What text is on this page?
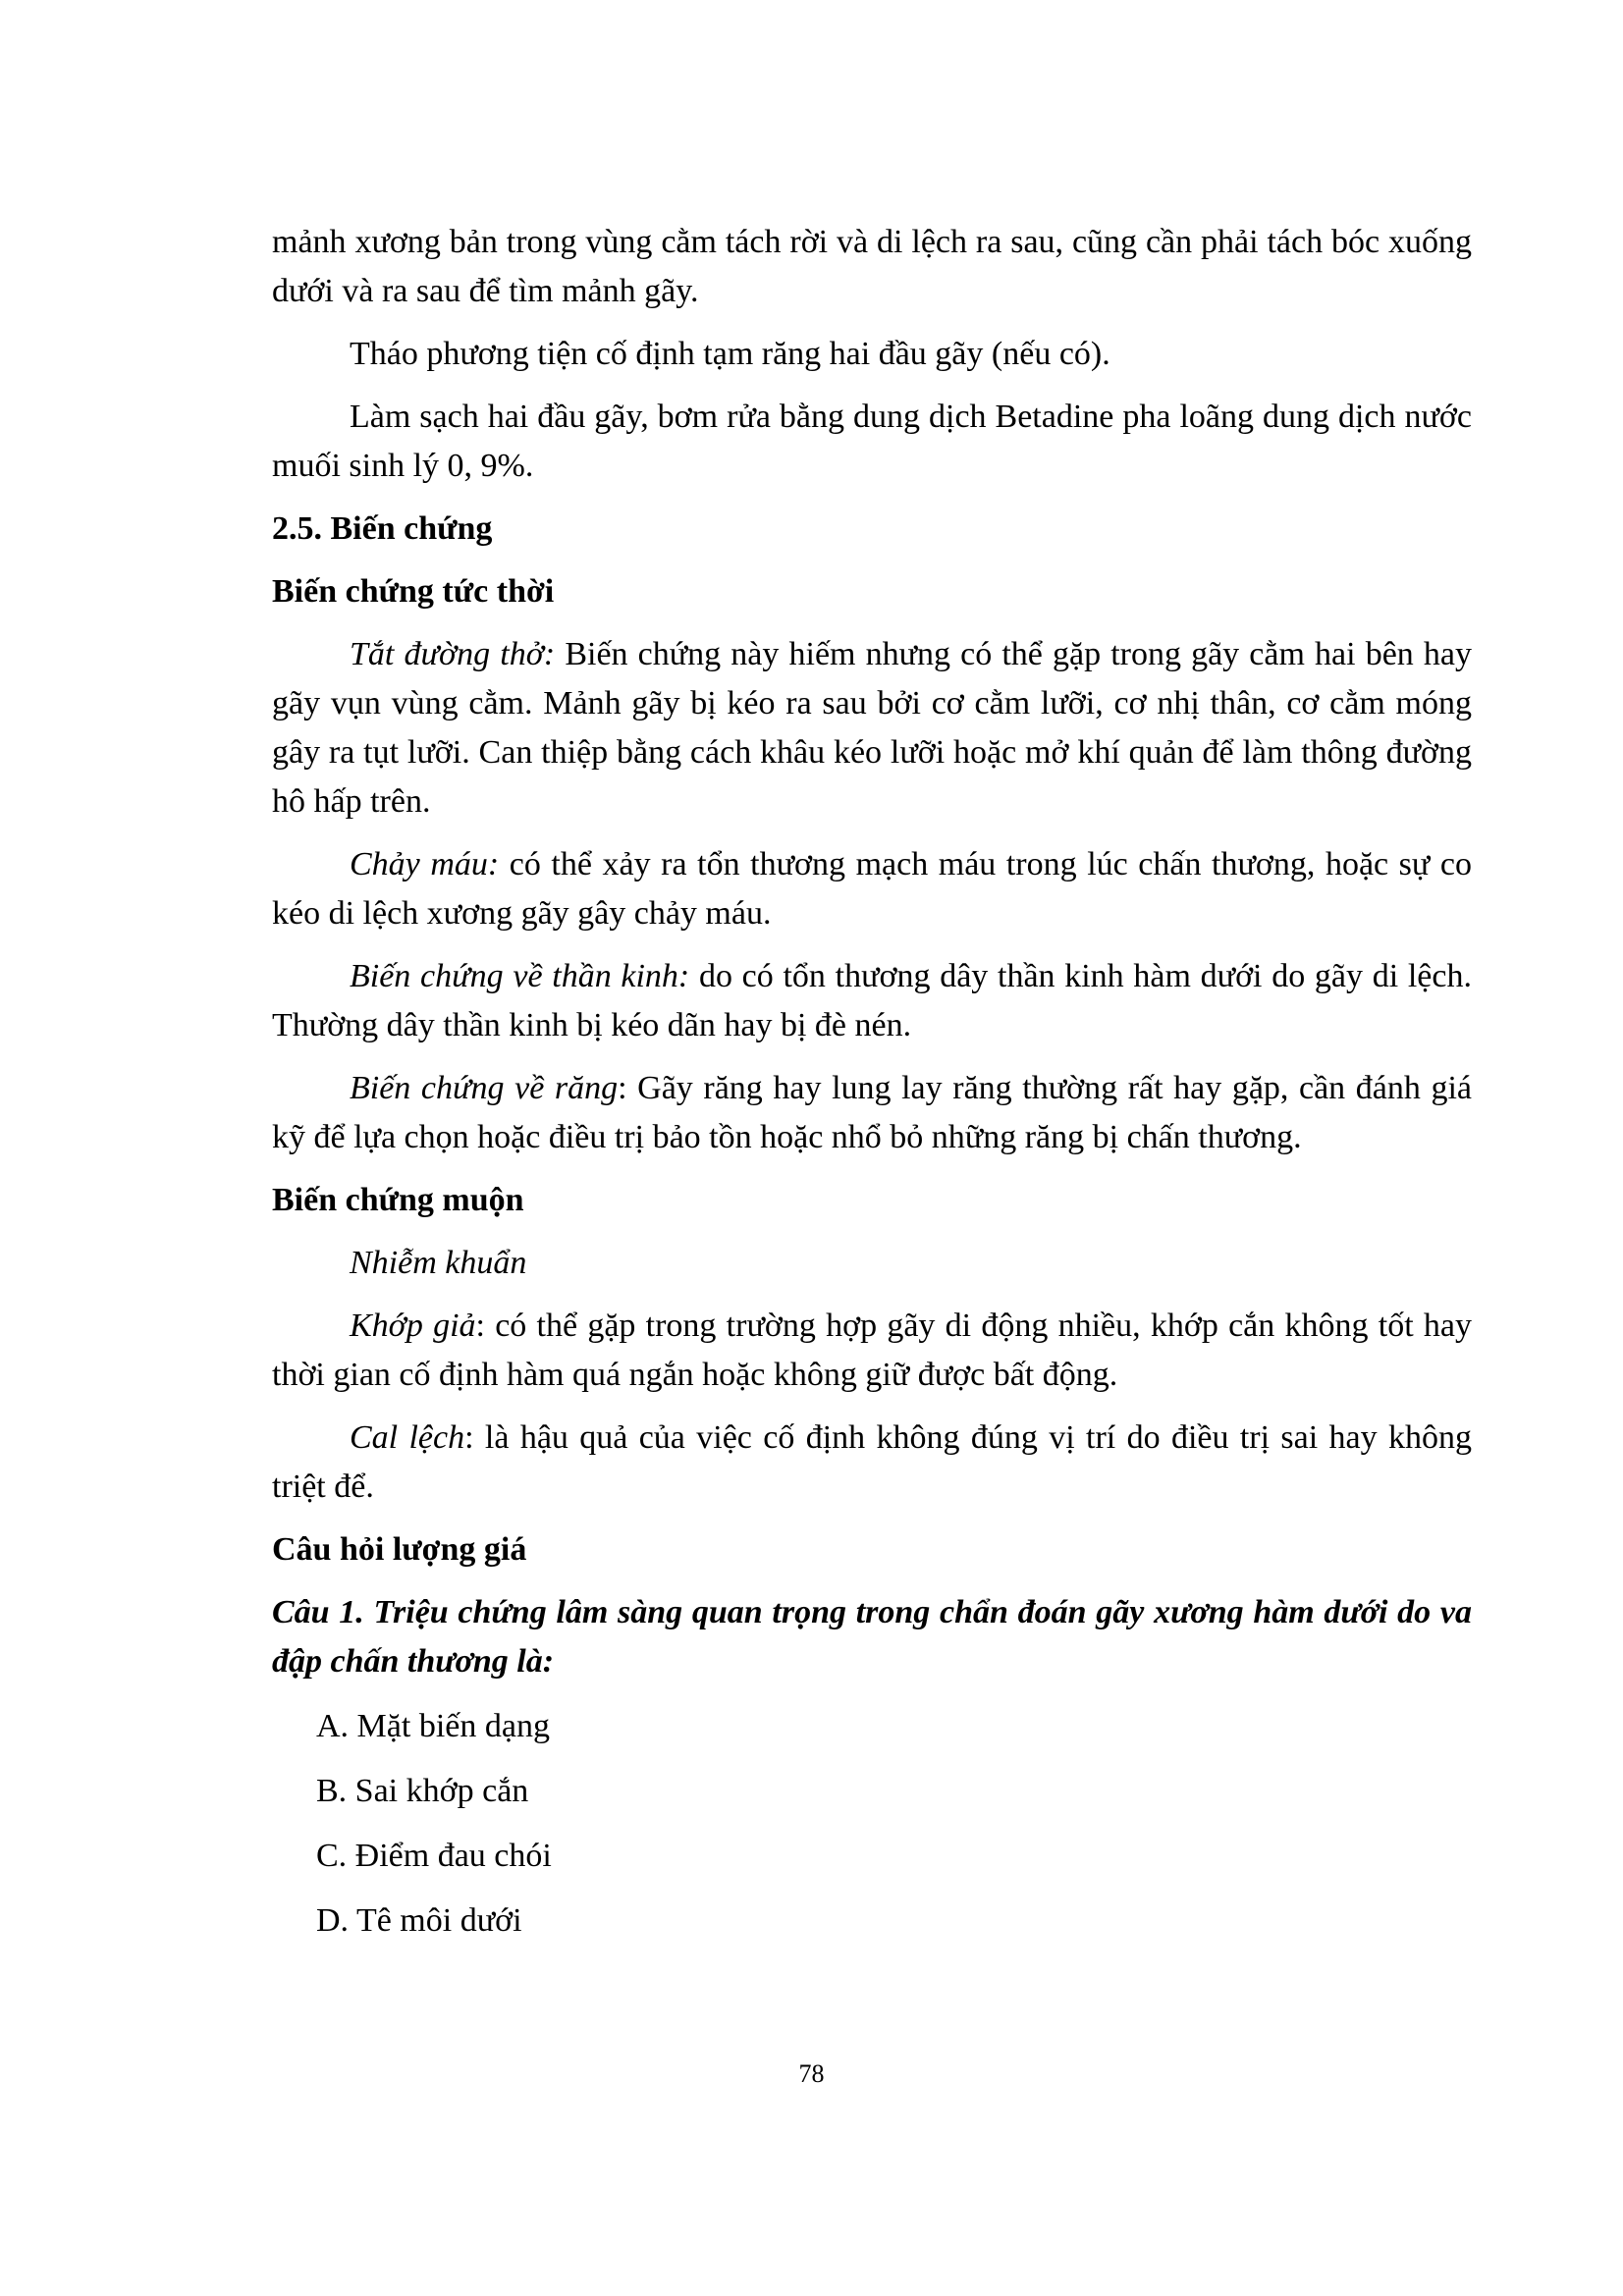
mảnh xương bản trong vùng cằm tách rời và di lệch ra sau, cũng cần phải tách bóc xuống dưới và ra sau để tìm mảnh gãy.

Tháo phương tiện cố định tạm răng hai đầu gãy (nếu có).

Làm sạch hai đầu gãy, bơm rửa bằng dung dịch Betadine pha loãng dung dịch nước muối sinh lý 0, 9%.

2.5. Biến chứng

Biến chứng tức thời

Tắt đường thở: Biến chứng này hiếm nhưng có thể gặp trong gãy cằm hai bên hay gãy vụn vùng cằm. Mảnh gãy bị kéo ra sau bởi cơ cằm lưỡi, cơ nhị thân, cơ cằm móng gây ra tụt lưỡi. Can thiệp bằng cách khâu kéo lưỡi hoặc mở khí quản để làm thông đường hô hấp trên.

Chảy máu: có thể xảy ra tổn thương mạch máu trong lúc chấn thương, hoặc sự co kéo di lệch xương gãy gây chảy máu.

Biến chứng về thần kinh: do có tổn thương dây thần kinh hàm dưới do gãy di lệch. Thường dây thần kinh bị kéo dãn hay bị đè nén.

Biến chứng về răng: Gãy răng hay lung lay răng thường rất hay gặp, cần đánh giá kỹ để lựa chọn hoặc điều trị bảo tồn hoặc nhổ bỏ những răng bị chấn thương.

Biến chứng muộn

Nhiễm khuẩn

Khớp giả: có thể gặp trong trường hợp gãy di động nhiều, khớp cắn không tốt hay thời gian cố định hàm quá ngắn hoặc không giữ được bất động.

Cal lệch: là hậu quả của việc cố định không đúng vị trí do điều trị sai hay không triệt để.

Câu hỏi lượng giá

Câu 1. Triệu chứng lâm sàng quan trọng trong chẩn đoán gãy xương hàm dưới do va đập chấn thương là:

A. Mặt biến dạng

B. Sai khớp cắn

C. Điểm đau chói

D. Tê môi dưới

78
